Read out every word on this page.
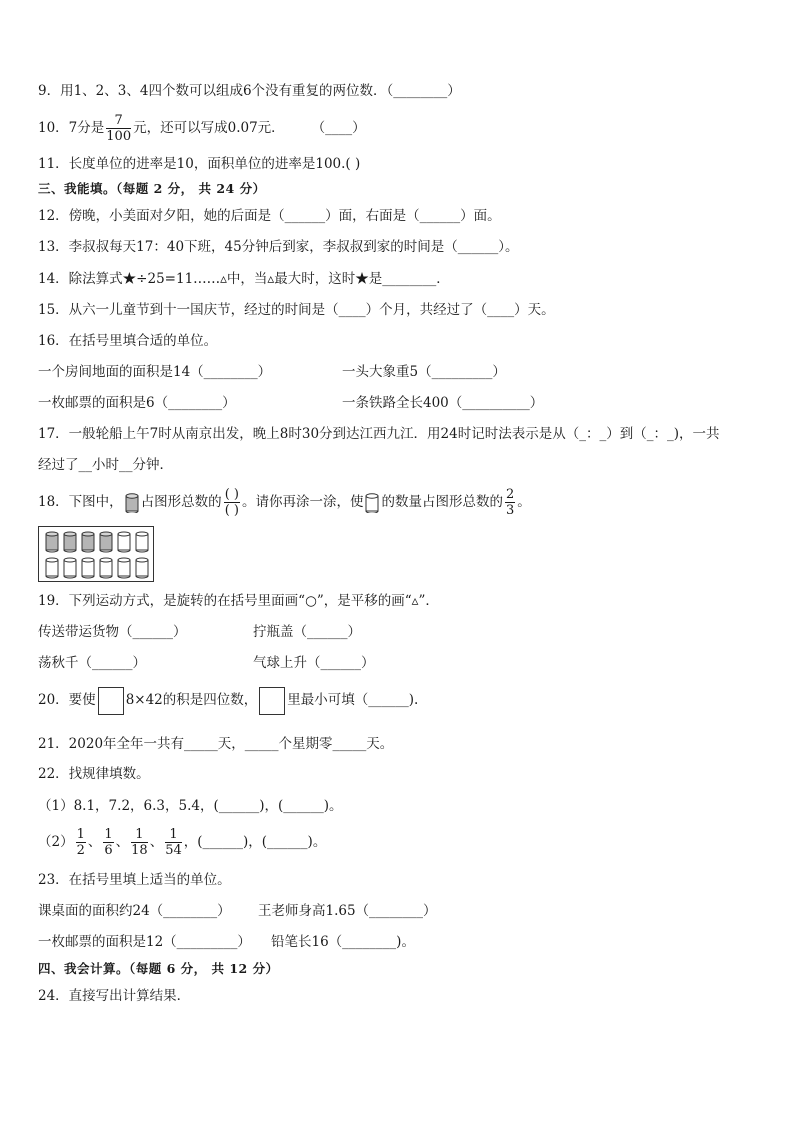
9．用1、2、3、4四个数可以组成6个没有重复的两位数．（________）
10．7分是 $\frac{7}{100}$ 元，还可以写成0.07元．　　　（____）
11．长度单位的进率是10，面积单位的进率是100.( )
三、我能填。（每题 2 分， 共 24 分）
12．傍晚，小美面对夕阳，她的后面是（______）面，右面是（______）面。
13．李叔叔每天17：40下班，45分钟后到家，李叔叔到家的时间是（______）。
14．除法算式★÷25=11……▵中，当▵最大时，这时★是________．
15．从六一儿童节到十一国庆节，经过的时间是（____）个月，共经过了（____）天。
16．在括号里填合适的单位。
一个房间地面的面积是14（________）	一头大象重5（_________）
一枚邮票的面积是6（________）	一条铁路全长400（__________）
17．一般轮船上午7时从南京出发，晚上8时30分到达江西九江．用24时记时法表示是从（_：_）到（_：_)，一共
经过了__小时__分钟．
18．下图中， 占图形总数的 $\frac{( )}{( )}$ 。请你再涂一涂，使 的数量占图形总数的 $\frac{2}{3}$ 。
19．下列运动方式，是旋转的在括号里面画“○”，是平移的画“▵”．
传送带运货物（______）	拧瓶盖（______）
荡秋千（______）	气球上升（______）
20．要使 8×42的积是四位数， 里最小可填（______).
21．2020年全年一共有_____天，_____个星期零_____天。
22．找规律填数。
（1）8.1，7.2，6.3，5.4，(______)，(______)。
$(2) \frac{1}{2}$ 、 $\frac{1}{6}$ 、 $\frac{1}{18}$ 、 $\frac{1}{54}$ ，(______)，(______)。
23．在括号里填上适当的单位。
课桌面的面积约24（________） 王老师身高1.65（________）
一枚邮票的面积是12（_________） 铅笔长16（________)。
四、我会计算。（每题 6 分， 共 12 分）
24．直接写出计算结果．
